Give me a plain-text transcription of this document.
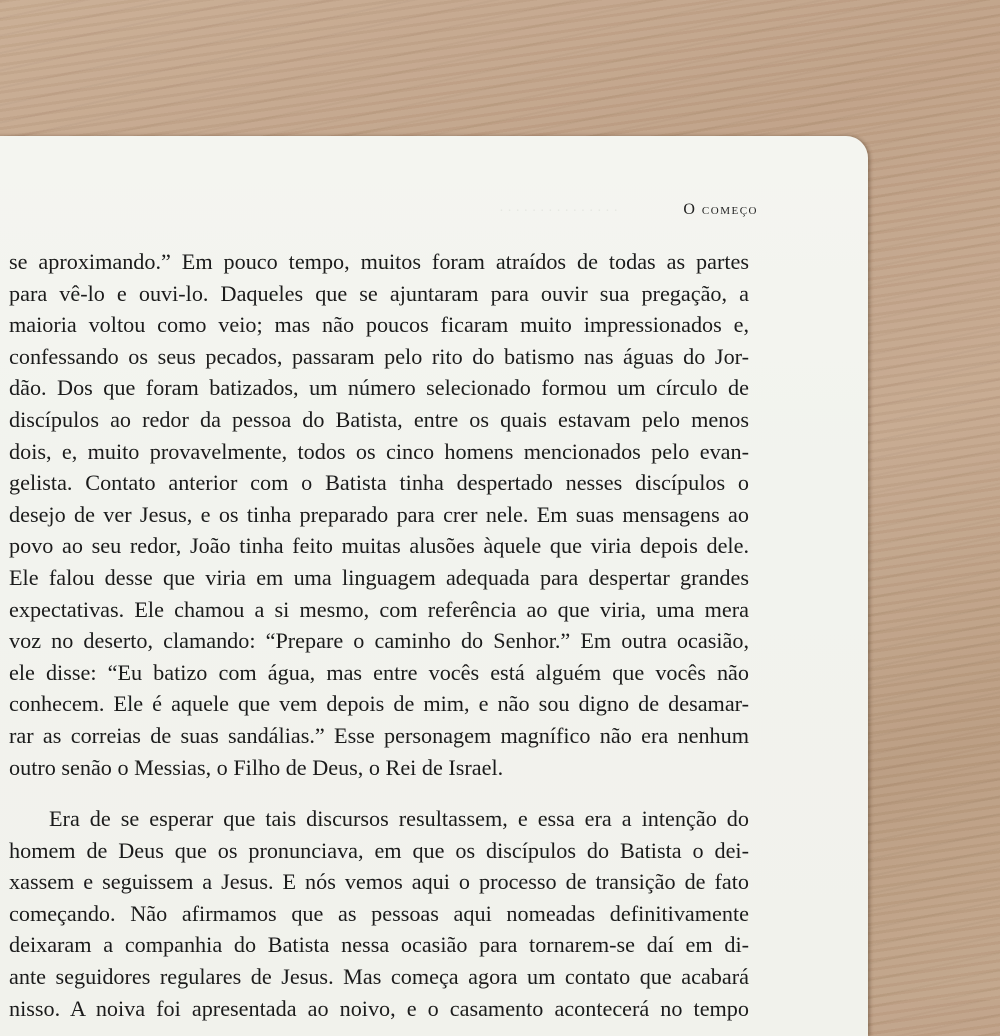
· · · · · · · · · · · · · · ·	O começo
se aproximando.” Em pouco tempo, muitos foram atraídos de todas as partes
para vê-lo e ouvi-lo. Daqueles que se ajuntaram para ouvir sua pregação, a
maioria voltou como veio; mas não poucos ficaram muito impressionados e,
confessando os seus pecados, passaram pelo rito do batismo nas águas do Jor-
dão. Dos que foram batizados, um número selecionado formou um círculo de
discípulos ao redor da pessoa do Batista, entre os quais estavam pelo menos
dois, e, muito provavelmente, todos os cinco homens mencionados pelo evan-
gelista. Contato anterior com o Batista tinha despertado nesses discípulos o
desejo de ver Jesus, e os tinha preparado para crer nele. Em suas mensagens ao
povo ao seu redor, João tinha feito muitas alusões àquele que viria depois dele.
Ele falou desse que viria em uma linguagem adequada para despertar grandes
expectativas. Ele chamou a si mesmo, com referência ao que viria, uma mera
voz no deserto, clamando: “Prepare o caminho do Senhor.” Em outra ocasião,
ele disse: “Eu batizo com água, mas entre vocês está alguém que vocês não
conhecem. Ele é aquele que vem depois de mim, e não sou digno de desamar-
rar as correias de suas sandálias.” Esse personagem magnífico não era nenhum
outro senão o Messias, o Filho de Deus, o Rei de Israel.
Era de se esperar que tais discursos resultassem, e essa era a intenção do
homem de Deus que os pronunciava, em que os discípulos do Batista o dei-
xassem e seguissem a Jesus. E nós vemos aqui o processo de transição de fato
começando. Não afirmamos que as pessoas aqui nomeadas definitivamente
deixaram a companhia do Batista nessa ocasião para tornarem-se daí em di-
ante seguidores regulares de Jesus. Mas começa agora um contato que acabará
nisso. A noiva foi apresentada ao noivo, e o casamento acontecerá no tempo
